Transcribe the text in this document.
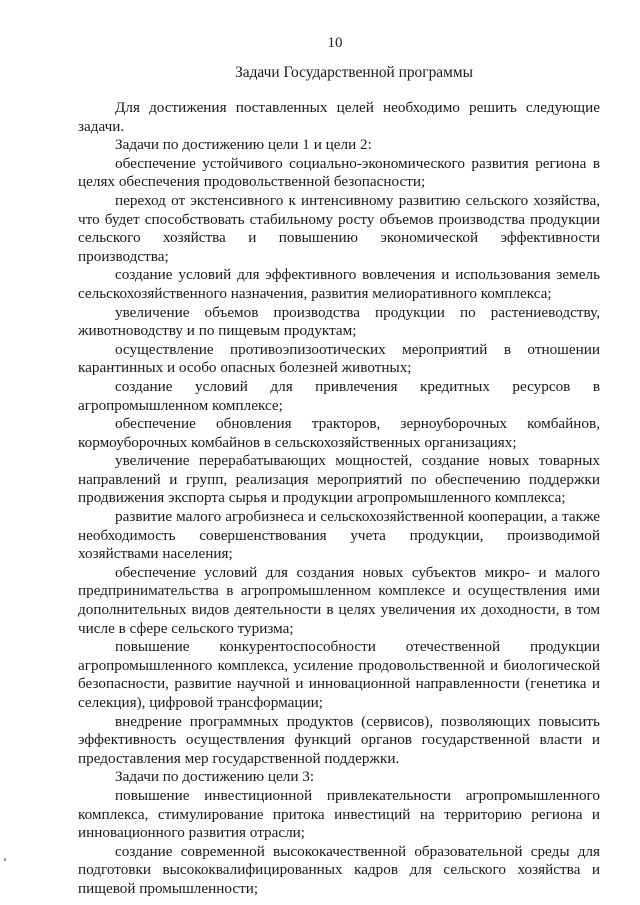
10
Задачи Государственной программы

Для достижения поставленных целей необходимо решить следующие задачи.

Задачи по достижению цели 1 и цели 2:

обеспечение устойчивого социально-экономического развития региона в целях обеспечения продовольственной безопасности;

переход от экстенсивного к интенсивному развитию сельского хозяйства, что будет способствовать стабильному росту объемов производства продукции сельского хозяйства и повышению экономической эффективности производства;

создание условий для эффективного вовлечения и использования земель сельскохозяйственного назначения, развития мелиоративного комплекса;

увеличение объемов производства продукции по растениеводству, животноводству и по пищевым продуктам;

осуществление противоэпизоотических мероприятий в отношении карантинных и особо опасных болезней животных;

создание условий для привлечения кредитных ресурсов в агропромышленном комплексе;

обеспечение обновления тракторов, зерноуборочных комбайнов, кормоуборочных комбайнов в сельскохозяйственных организациях;

увеличение перерабатывающих мощностей, создание новых товарных направлений и групп, реализация мероприятий по обеспечению поддержки продвижения экспорта сырья и продукции агропромышленного комплекса;

развитие малого агробизнеса и сельскохозяйственной кооперации, а также необходимость совершенствования учета продукции, производимой хозяйствами населения;

обеспечение условий для создания новых субъектов микро- и малого предпринимательства в агропромышленном комплексе и осуществления ими дополнительных видов деятельности в целях увеличения их доходности, в том числе в сфере сельского туризма;

повышение конкурентоспособности отечественной продукции агропромышленного комплекса, усиление продовольственной и биологической безопасности, развитие научной и инновационной направленности (генетика и селекция), цифровой трансформации;

внедрение программных продуктов (сервисов), позволяющих повысить эффективность осуществления функций органов государственной власти и предоставления мер государственной поддержки.

Задачи по достижению цели 3:

повышение инвестиционной привлекательности агропромышленного комплекса, стимулирование притока инвестиций на территорию региона и инновационного развития отрасли;

создание современной высококачественной образовательной среды для подготовки высококвалифицированных кадров для сельского хозяйства и пищевой промышленности;
